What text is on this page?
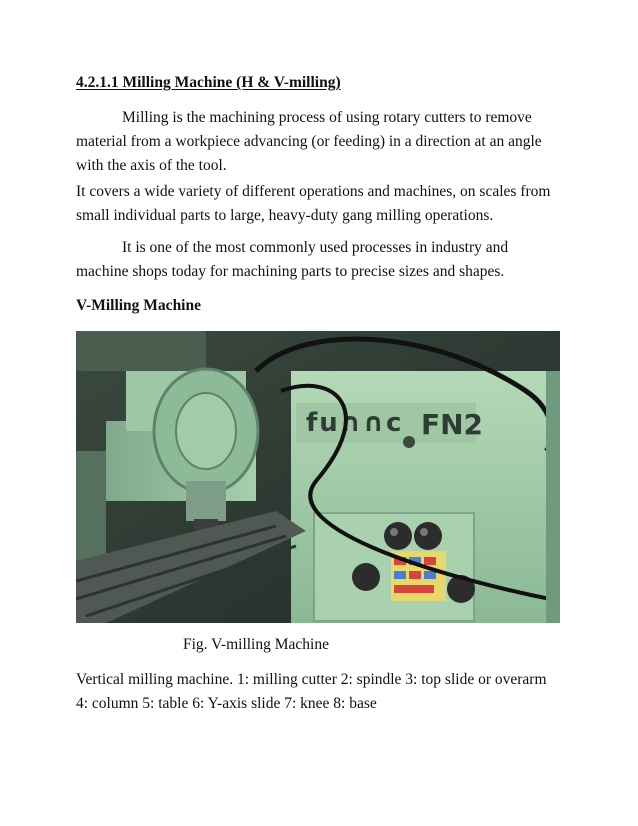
4.2.1.1 Milling Machine (H & V-milling)
Milling is the machining process of using rotary cutters to remove material from a workpiece advancing (or feeding) in a direction at an angle with the axis of the tool.
It covers a wide variety of different operations and machines, on scales from small individual parts to large, heavy-duty gang milling operations.
It is one of the most commonly used processes in industry and machine shops today for machining parts to precise sizes and shapes.
V-Milling Machine
fu∩∩c FN2
Fig. V-milling Machine
Vertical milling machine. 1: milling cutter 2: spindle 3: top slide or overarm 4: column 5: table 6: Y-axis slide 7: knee 8: base
